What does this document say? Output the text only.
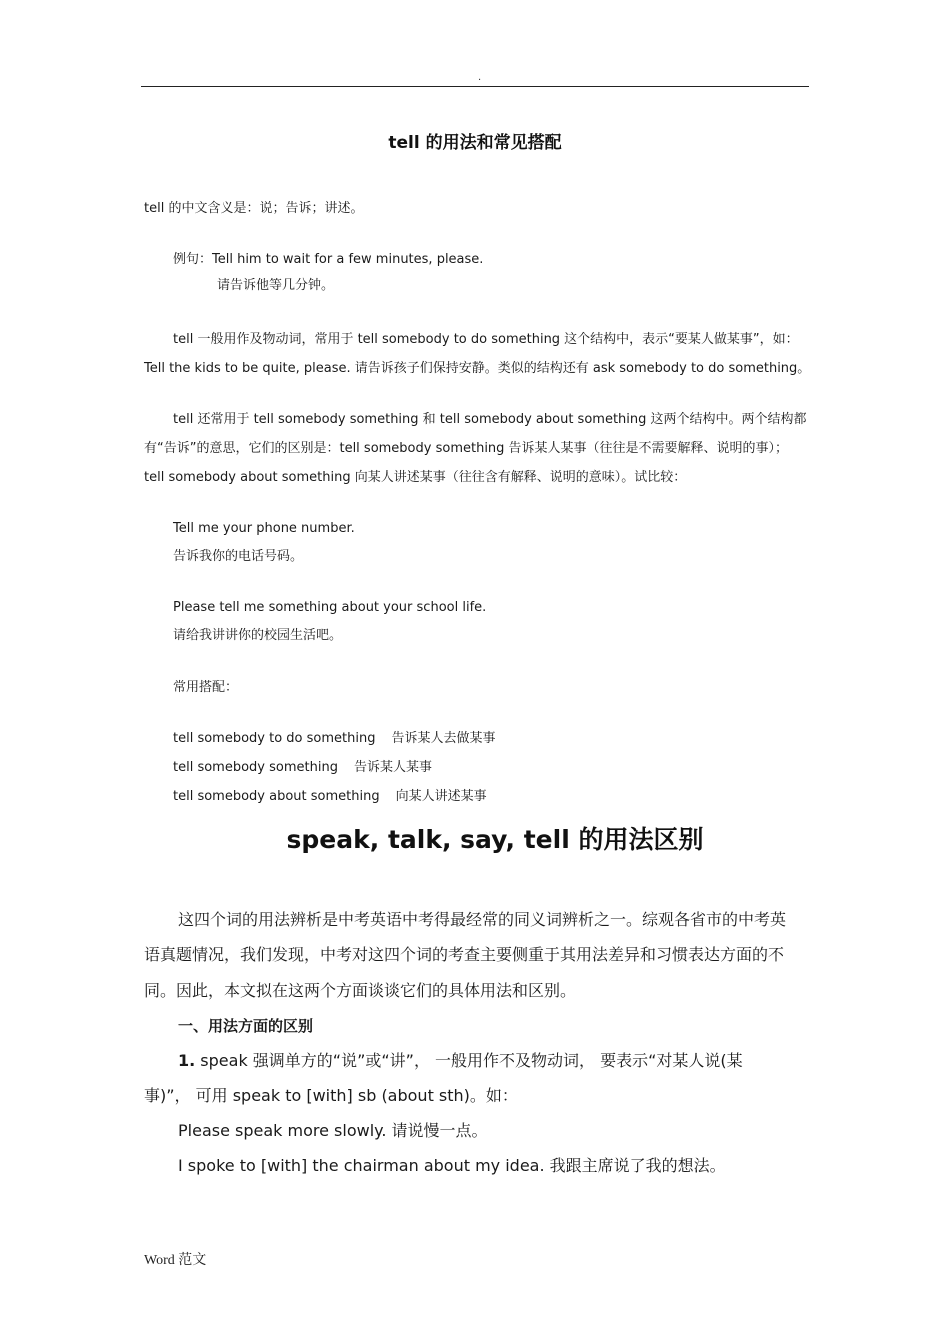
.
tell 的用法和常见搭配
tell 的中文含义是：说；告诉；讲述。
例句：Tell him to wait for a few minutes, please.
请告诉他等几分钟。
tell 一般用作及物动词，常用于 tell somebody to do something 这个结构中，表示“要某人做某事”，如：
Tell the kids to be quite, please. 请告诉孩子们保持安静。类似的结构还有 ask somebody to do something。
tell 还常用于 tell somebody something 和 tell somebody about something 这两个结构中。两个结构都
有“告诉”的意思，它们的区别是：tell somebody something 告诉某人某事（往往是不需要解释、说明的事）；
tell somebody about something 向某人讲述某事（往往含有解释、说明的意味）。试比较：
Tell me your phone number.
告诉我你的电话号码。
Please tell me something about your school life.
请给我讲讲你的校园生活吧。
常用搭配：
tell somebody to do something 告诉某人去做某事
tell somebody something 告诉某人某事
tell somebody about something 向某人讲述某事
speak, talk, say, tell 的用法区别
这四个词的用法辨析是中考英语中考得最经常的同义词辨析之一。综观各省市的中考英
语真题情况，我们发现，中考对这四个词的考查主要侧重于其用法差异和习惯表达方面的不
同。因此，本文拟在这两个方面谈谈它们的具体用法和区别。
一、用法方面的区别
1. speak 强调单方的“说”或“讲”， 一般用作不及物动词， 要表示“对某人说(某
事)”， 可用 speak to [with] sb (about sth)。如：
Please speak more slowly. 请说慢一点。
I spoke to [with] the chairman about my idea. 我跟主席说了我的想法。
Word 范文
